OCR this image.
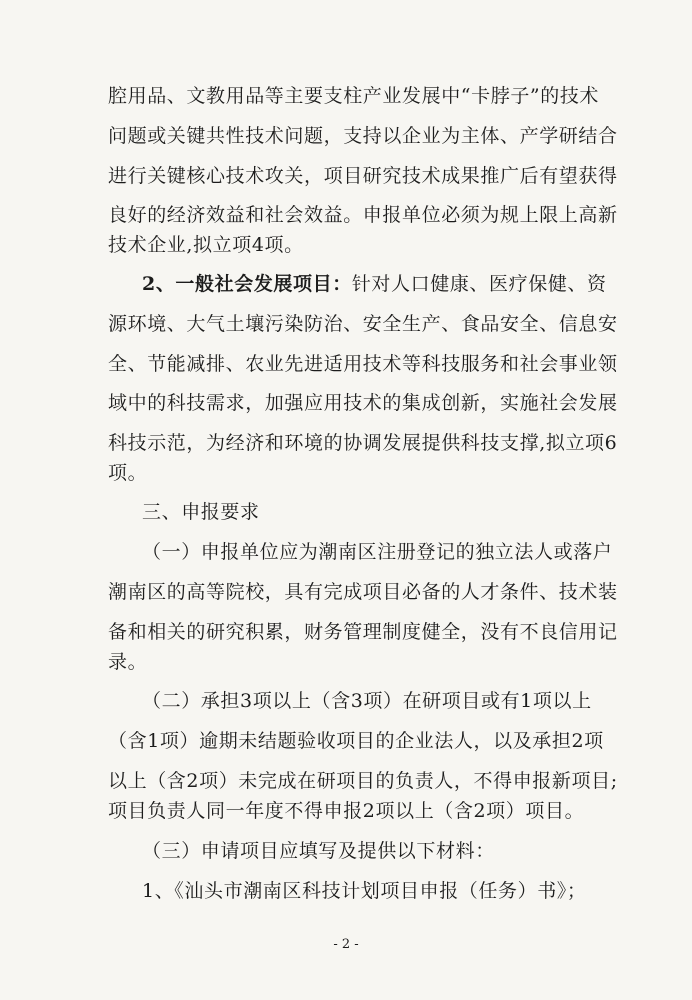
腔用品、文教用品等主要支柱产业发展中“卡脖子”的技术
问题或关键共性技术问题，支持以企业为主体、产学研结合
进行关键核心技术攻关，项目研究技术成果推广后有望获得
良好的经济效益和社会效益。申报单位必须为规上限上高新
技术企业,拟立项4项。
2、一般社会发展项目：针对人口健康、医疗保健、资
源环境、大气土壤污染防治、安全生产、食品安全、信息安
全、节能减排、农业先进适用技术等科技服务和社会事业领
域中的科技需求，加强应用技术的集成创新，实施社会发展
科技示范，为经济和环境的协调发展提供科技支撑,拟立项6
项。
三、申报要求
（一）申报单位应为潮南区注册登记的独立法人或落户
潮南区的高等院校，具有完成项目必备的人才条件、技术装
备和相关的研究积累，财务管理制度健全，没有不良信用记
录。
（二）承担3项以上（含3项）在研项目或有1项以上
（含1项）逾期未结题验收项目的企业法人，以及承担2项
以上（含2项）未完成在研项目的负责人，不得申报新项目;
项目负责人同一年度不得申报2项以上（含2项）项目。
（三）申请项目应填写及提供以下材料：
1、《汕头市潮南区科技计划项目申报（任务）书》；
- 2 -
